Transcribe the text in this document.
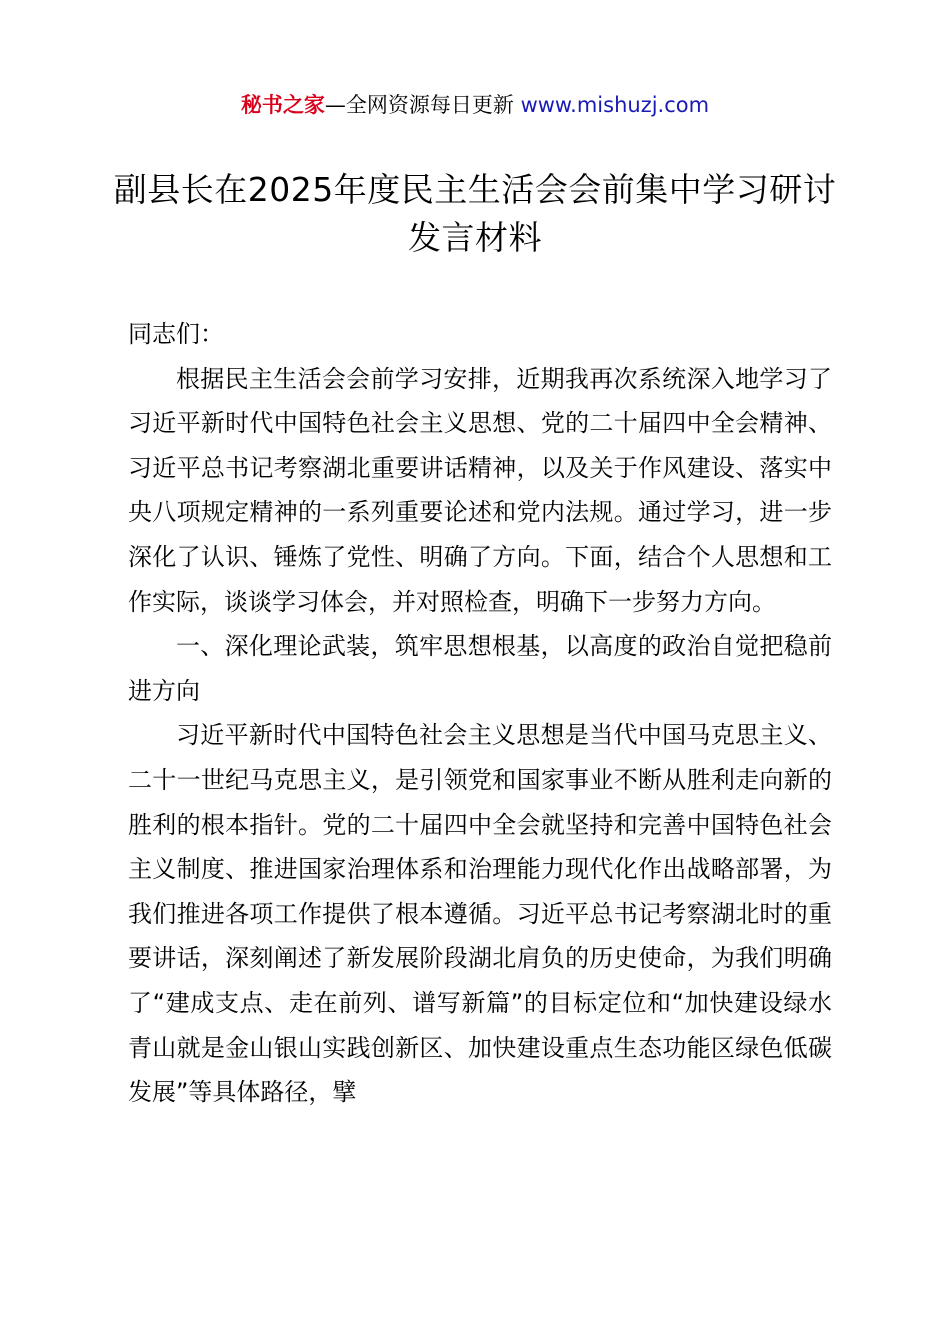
秘书之家—全网资源每日更新 www.mishuzj.com
副县长在2025年度民主生活会会前集中学习研讨发言材料

同志们：

根据民主生活会会前学习安排，近期我再次系统深入地学习了习近平新时代中国特色社会主义思想、党的二十届四中全会精神、习近平总书记考察湖北重要讲话精神，以及关于作风建设、落实中央八项规定精神的一系列重要论述和党内法规。通过学习，进一步深化了认识、锤炼了党性、明确了方向。下面，结合个人思想和工作实际，谈谈学习体会，并对照检查，明确下一步努力方向。

一、深化理论武装，筑牢思想根基，以高度的政治自觉把稳前进方向

习近平新时代中国特色社会主义思想是当代中国马克思主义、二十一世纪马克思主义，是引领党和国家事业不断从胜利走向新的胜利的根本指针。党的二十届四中全会就坚持和完善中国特色社会主义制度、推进国家治理体系和治理能力现代化作出战略部署，为我们推进各项工作提供了根本遵循。习近平总书记考察湖北时的重要讲话，深刻阐述了新发展阶段湖北肩负的历史使命，为我们明确了“建成支点、走在前列、谱写新篇”的目标定位和“加快建设绿水青山就是金山银山实践创新区、加快建设重点生态功能区绿色低碳发展”等具体路径，擘
